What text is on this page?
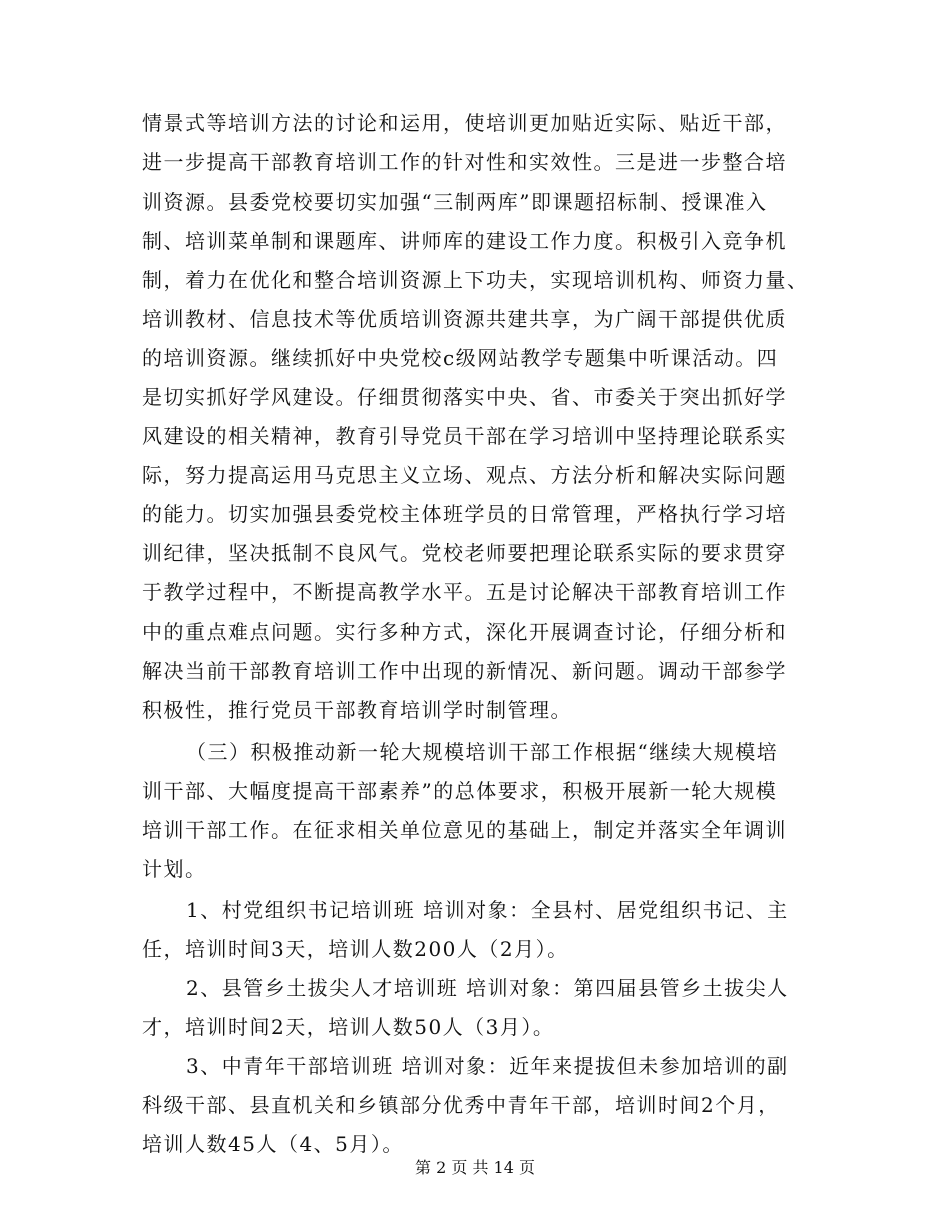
情景式等培训方法的讨论和运用，使培训更加贴近实际、贴近干部，
进一步提高干部教育培训工作的针对性和实效性。三是进一步整合培
训资源。县委党校要切实加强“三制两库”即课题招标制、授课准入
制、培训菜单制和课题库、讲师库的建设工作力度。积极引入竞争机
制，着力在优化和整合培训资源上下功夫，实现培训机构、师资力量、
培训教材、信息技术等优质培训资源共建共享，为广阔干部提供优质
的培训资源。继续抓好中央党校c级网站教学专题集中听课活动。四
是切实抓好学风建设。仔细贯彻落实中央、省、市委关于突出抓好学
风建设的相关精神，教育引导党员干部在学习培训中坚持理论联系实
际，努力提高运用马克思主义立场、观点、方法分析和解决实际问题
的能力。切实加强县委党校主体班学员的日常管理，严格执行学习培
训纪律，坚决抵制不良风气。党校老师要把理论联系实际的要求贯穿
于教学过程中，不断提高教学水平。五是讨论解决干部教育培训工作
中的重点难点问题。实行多种方式，深化开展调查讨论，仔细分析和
解决当前干部教育培训工作中出现的新情况、新问题。调动干部参学
积极性，推行党员干部教育培训学时制管理。
（三）积极推动新一轮大规模培训干部工作根据“继续大规模培
训干部、大幅度提高干部素养”的总体要求，积极开展新一轮大规模
培训干部工作。在征求相关单位意见的基础上，制定并落实全年调训
计划。
1、村党组织书记培训班 培训对象：全县村、居党组织书记、主
任，培训时间3天，培训人数200人（2月）。
2、县管乡土拔尖人才培训班 培训对象：第四届县管乡土拔尖人
才，培训时间2天，培训人数50人（3月）。
3、中青年干部培训班 培训对象：近年来提拔但未参加培训的副
科级干部、县直机关和乡镇部分优秀中青年干部，培训时间2个月，
培训人数45人（4、5月）。
第 2 页 共 14 页
